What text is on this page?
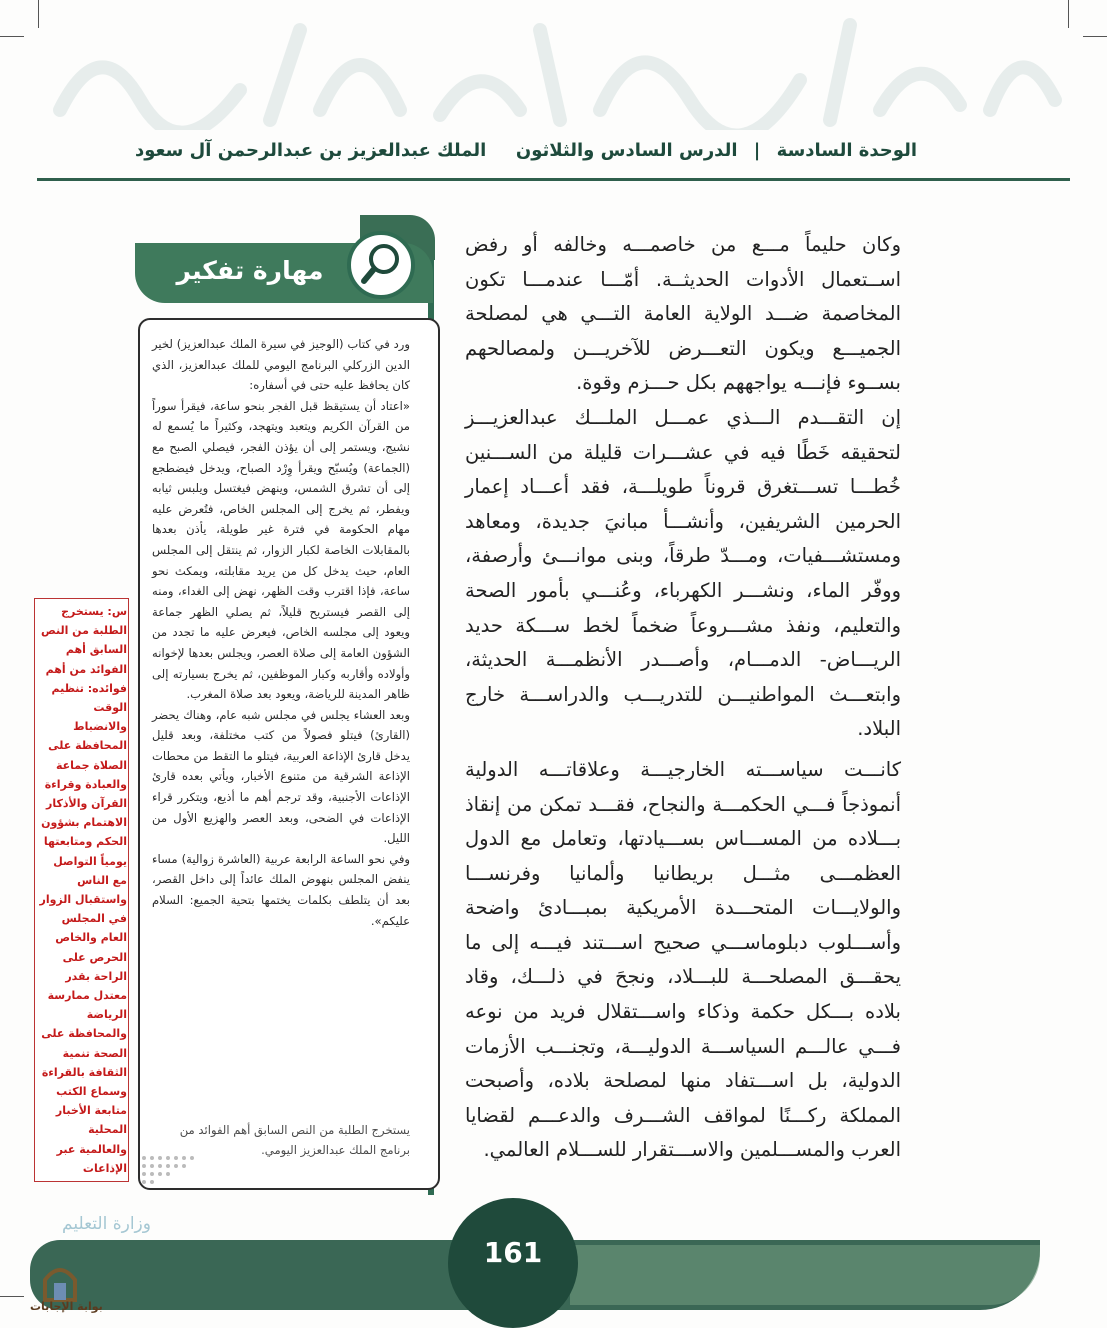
الوحدة السادسة | الدرس السادس والثلاثون
الملك عبدالعزيز بن عبدالرحمن آل سعود

وكان حليماً مـــع من خاصمـــه وخالفه أو رفض اســتعمال الأدوات الحديثــة. أمّـــا عندمـــا تكون المخاصمة ضـــد الولاية العامة التـــي هي لمصلحة الجميـــع ويكون التعـــرض للآخريـــن ولمصالحهم بســوء فإنـــه يواجههم بكل حـــزم وقوة.

إن التقـــدم الـــذي عمـــل الملـــك عبدالعزيـــز لتحقيقه خَطًا فيه في عشـــرات قليلة من الســـنين خُطـــا تســـتغرق قروناً طويلـــة، فقد أعـــاد إعمار الحرمين الشريفين، وأنشـــأ مبانيَ جديدة، ومعاهد ومستشـــفيات، ومـــدّ طرقاً، وبنى موانـــئ وأرصفة، ووفّر الماء، ونشـــر الكهرباء، وعُنـــي بأمور الصحة والتعليم، ونفذ مشـــروعاً ضخماً لخط ســـكة حديد الريـــاض- الدمـــام، وأصـــدر الأنظمـــة الحديثة، وابتعـــث المواطنيـــن للتدريـــب والدراســـة خارج البلاد.

كانـــت سياســـته الخارجيـــة وعلاقاتـــه الدولية أنموذجاً فـــي الحكمـــة والنجاح، فقـــد تمكن من إنقاذ بـــلاده من المســـاس بســـيادتها، وتعامل مع الدول العظمـــى مثـــل بريطانيا وألمانيا وفرنســـا والولايـــات المتحـــدة الأمريكية بمبـــادئ واضحة وأســـلوب دبلوماســـي صحيح اســـتند فيـــه إلى ما يحقـــق المصلحـــة للبـــلاد، ونجحَ في ذلـــك، وقاد بلاده بـــكل حكمة وذكاء واســـتقلال فريد من نوعه فـــي عالـــم السياســـة الدوليـــة، وتجنـــب الأزمات الدولية، بل اســـتفاد منها لمصلحة بلاده، وأصبحت المملكة ركـــنًا لمواقف الشـــرف والدعـــم لقضايا العرب والمســـلمين والاســـتقرار للســـلام العالمي.

مهارة تفكير

ورد في كتاب (الوجيز في سيرة الملك عبدالعزيز) لخير الدين الزركلي البرنامج اليومي للملك عبدالعزيز، الذي كان يحافظ عليه حتى في أسفاره:

«اعتاد أن يستيقظ قبل الفجر بنحو ساعة، فيقرأ سوراً من القرآن الكريم ويتعبد ويتهجد، وكثيراً ما يُسمع له نشيج، ويستمر إلى أن يؤذن الفجر، فيصلي الصبح مع (الجماعة) ويُسبّح ويقرأ وِرْد الصباح، ويدخل فيضطجع إلى أن تشرق الشمس، وينهض فيغتسل ويلبس ثيابه ويفطر، ثم يخرج إلى المجلس الخاص، فتُعرض عليه مهام الحكومة في فترة غير طويلة، يأذن بعدها بالمقابلات الخاصة لكبار الزوار، ثم ينتقل إلى المجلس العام، حيث يدخل كل من يريد مقابلته، ويمكث نحو ساعة، فإذا اقترب وقت الظهر، نهض إلى الغداء، ومنه إلى القصر فيستريح قليلاً، ثم يصلي الظهر جماعة ويعود إلى مجلسه الخاص، فيعرض عليه ما تجدد من الشؤون العامة إلى صلاة العصر، ويجلس بعدها لإخوانه وأولاده وأقاربه وكبار الموظفين، ثم يخرج بسيارته إلى ظاهر المدينة للرياضة، ويعود بعد صلاة المغرب.

وبعد العشاء يجلس في مجلس شبه عام، وهناك يحضر (القارئ) فيتلو فصولاً من كتب مختلفة، وبعد قليل يدخل قارئ الإذاعة العربية، فيتلو ما التقط من محطات الإذاعة الشرقية من متنوع الأخبار، ويأتي بعده قارئ الإذاعات الأجنبية، وقد ترجم أهم ما أذيع، ويتكرر قراء الإذاعات في الضحى، وبعد العصر والهزيع الأول من الليل.

وفي نحو الساعة الرابعة عربية (العاشرة زوالية) مساء ينفض المجلس بنهوض الملك عائداً إلى داخل القصر، بعد أن يتلطف بكلمات يختمها بتحية الجميع: السلام عليكم».

يستخرج الطلبة من النص السابق أهم الفوائد من برنامج الملك عبدالعزيز اليومي.
س: يستخرج الطلبة من النص السابق أهم الفوائد من أهم فوائده: تنظيم الوقت والانضباط المحافظة على الصلاة جماعة والعبادة وقراءة القرآن والأذكار الاهتمام بشؤون الحكم ومتابعتها يومياً التواصل مع الناس واستقبال الزوار في المجلس العام والخاص الحرص على الراحة بقدر معتدل ممارسة الرياضة والمحافظة على الصحة تنمية الثقافة بالقراءة وسماع الكتب متابعة الأخبار المحلية والعالمية عبر الإذاعات
161
وزارة التعليم
بوابة الإجابات
